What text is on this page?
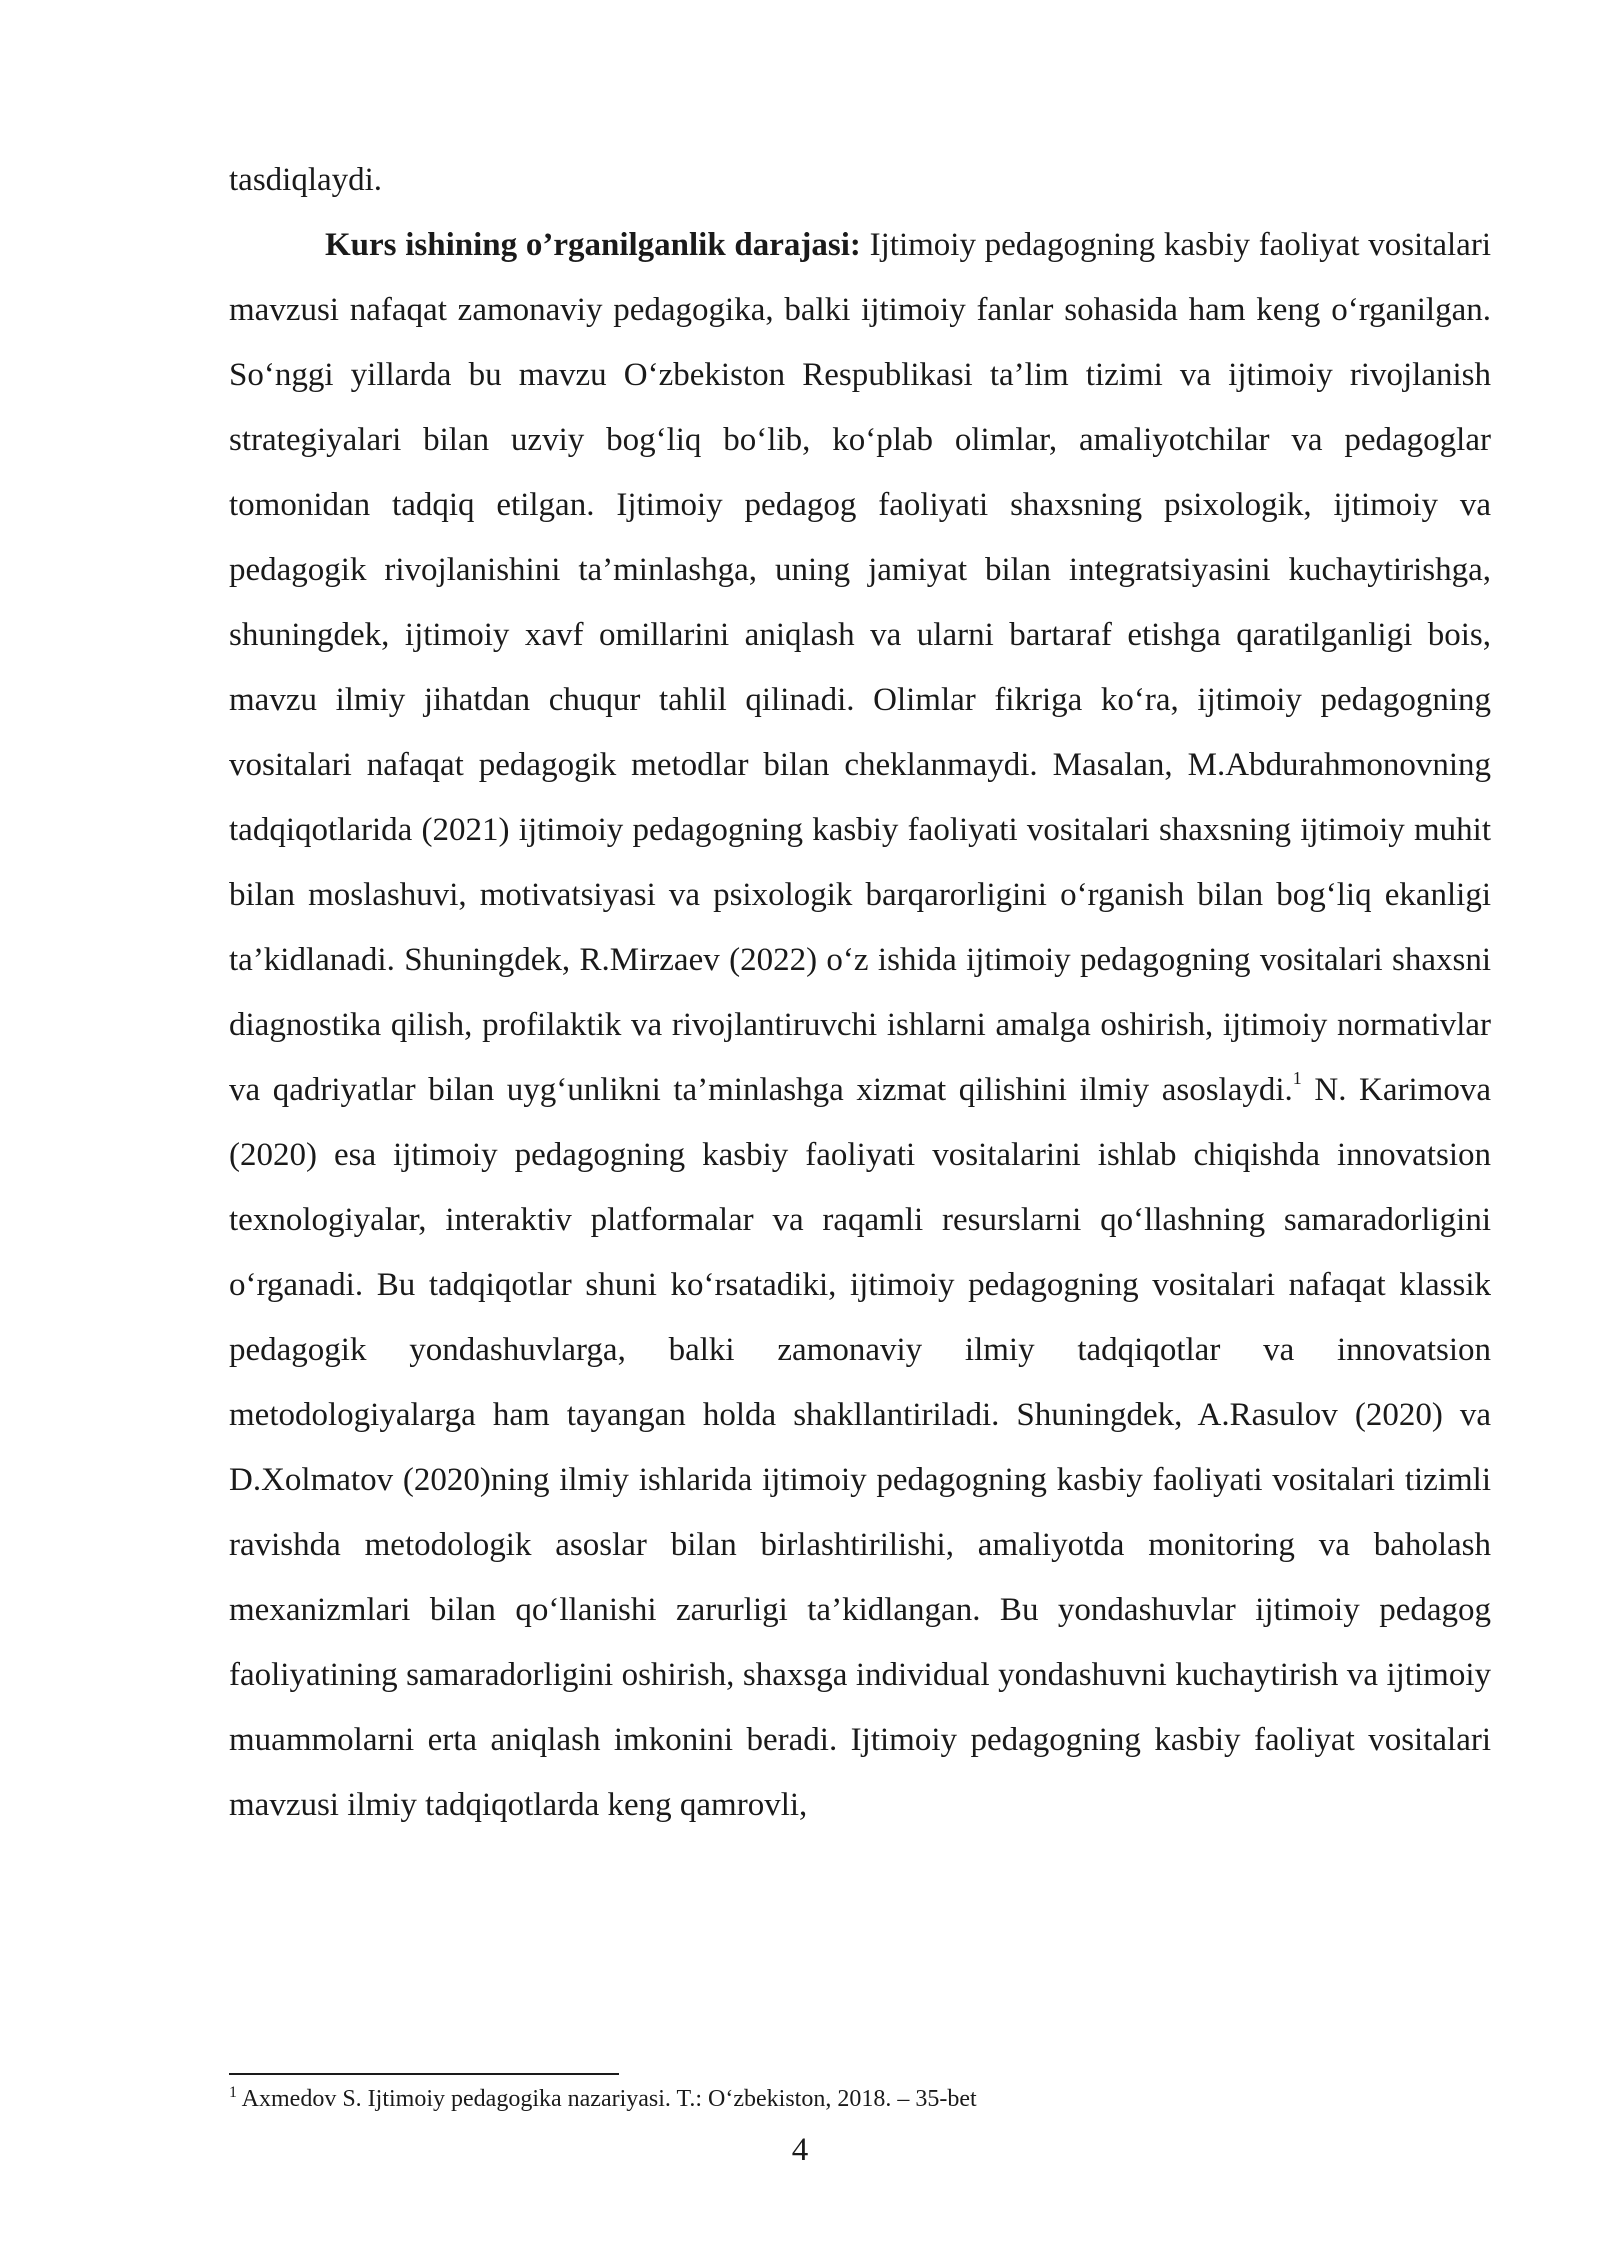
tasdiqlaydi.

Kurs ishining o’rganilganlik darajasi: Ijtimoiy pedagogning kasbiy faoliyat vositalari mavzusi nafaqat zamonaviy pedagogika, balki ijtimoiy fanlar sohasida ham keng oʻrganilgan. Soʻnggi yillarda bu mavzu Oʻzbekiston Respublikasi ta’lim tizimi va ijtimoiy rivojlanish strategiyalari bilan uzviy bogʻliq boʻlib, koʻplab olimlar, amaliyotchilar va pedagoglar tomonidan tadqiq etilgan. Ijtimoiy pedagog faoliyati shaxsning psixologik, ijtimoiy va pedagogik rivojlanishini ta’minlashga, uning jamiyat bilan integratsiyasini kuchaytirishga, shuningdek, ijtimoiy xavf omillarini aniqlash va ularni bartaraf etishga qaratilganligi bois, mavzu ilmiy jihatdan chuqur tahlil qilinadi. Olimlar fikriga koʻra, ijtimoiy pedagogning vositalari nafaqat pedagogik metodlar bilan cheklanmaydi. Masalan, M.Abdurahmonovning tadqiqotlarida (2021) ijtimoiy pedagogning kasbiy faoliyati vositalari shaxsning ijtimoiy muhit bilan moslashuvi, motivatsiyasi va psixologik barqarorligini oʻrganish bilan bogʻliq ekanligi ta’kidlanadi. Shuningdek, R.Mirzaev (2022) oʻz ishida ijtimoiy pedagogning vositalari shaxsni diagnostika qilish, profilaktik va rivojlantiruvchi ishlarni amalga oshirish, ijtimoiy normativlar va qadriyatlar bilan uygʻunlikni ta’minlashga xizmat qilishini ilmiy asoslaydi.$^1$ N. Karimova (2020) esa ijtimoiy pedagogning kasbiy faoliyati vositalarini ishlab chiqishda innovatsion texnologiyalar, interaktiv platformalar va raqamli resurslarni qoʻllashning samaradorligini oʻrganadi. Bu tadqiqotlar shuni koʻrsatadiki, ijtimoiy pedagogning vositalari nafaqat klassik pedagogik yondashuvlarga, balki zamonaviy ilmiy tadqiqotlar va innovatsion metodologiyalarga ham tayangan holda shakllantiriladi. Shuningdek, A.Rasulov (2020) va D.Xolmatov (2020)ning ilmiy ishlarida ijtimoiy pedagogning kasbiy faoliyati vositalari tizimli ravishda metodologik asoslar bilan birlashtirilishi, amaliyotda monitoring va baholash mexanizmlari bilan qoʻllanishi zarurligi ta’kidlangan. Bu yondashuvlar ijtimoiy pedagog faoliyatining samaradorligini oshirish, shaxsga individual yondashuvni kuchaytirish va ijtimoiy muammolarni erta aniqlash imkonini beradi. Ijtimoiy pedagogning kasbiy faoliyat vositalari mavzusi ilmiy tadqiqotlarda keng qamrovli,

$^1$ Axmedov S. Ijtimoiy pedagogika nazariyasi. T.: Oʻzbekiston, 2018. – 35-bet
4
